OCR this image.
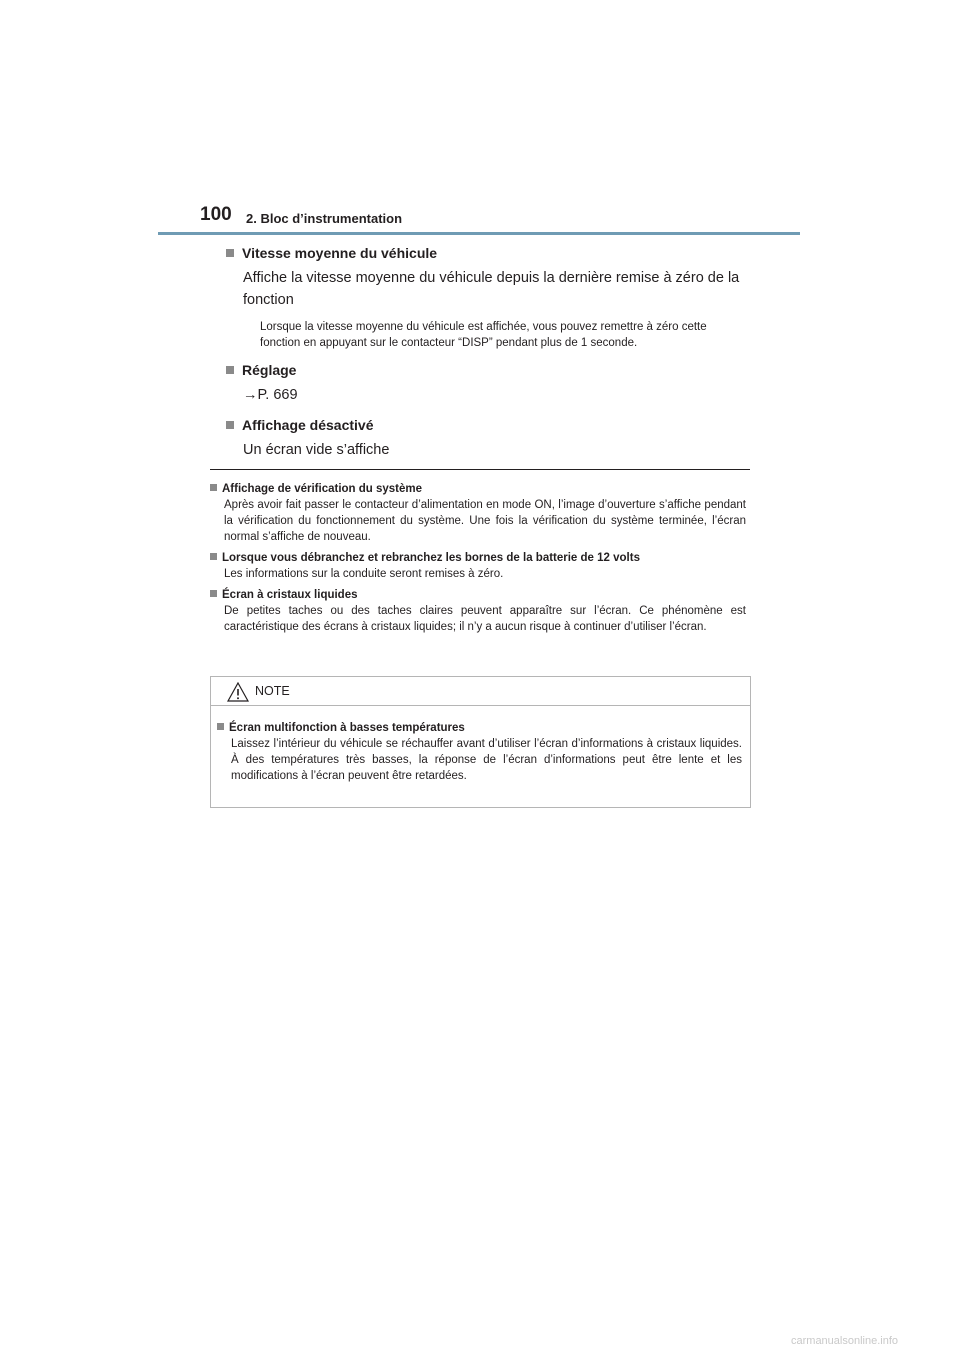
100 2. Bloc d’instrumentation
Vitesse moyenne du véhicule
Affiche la vitesse moyenne du véhicule depuis la dernière remise à zéro de la fonction
Lorsque la vitesse moyenne du véhicule est affichée, vous pouvez remettre à zéro cette fonction en appuyant sur le contacteur “DISP” pendant plus de 1 seconde.
Réglage
→P. 669
Affichage désactivé
Un écran vide s’affiche
Affichage de vérification du système
Après avoir fait passer le contacteur d’alimentation en mode ON, l’image d’ouverture s’affiche pendant la vérification du fonctionnement du système. Une fois la vérification du système terminée, l’écran normal s’affiche de nouveau.
Lorsque vous débranchez et rebranchez les bornes de la batterie de 12 volts
Les informations sur la conduite seront remises à zéro.
Écran à cristaux liquides
De petites taches ou des taches claires peuvent apparaître sur l’écran. Ce phénomène est caractéristique des écrans à cristaux liquides; il n’y a aucun risque à continuer d’utiliser l’écran.
NOTE
Écran multifonction à basses températures
Laissez l’intérieur du véhicule se réchauffer avant d’utiliser l’écran d’informations à cristaux liquides. À des températures très basses, la réponse de l’écran d’informations peut être lente et les modifications à l’écran peuvent être retardées.
carmanualsonline.info
